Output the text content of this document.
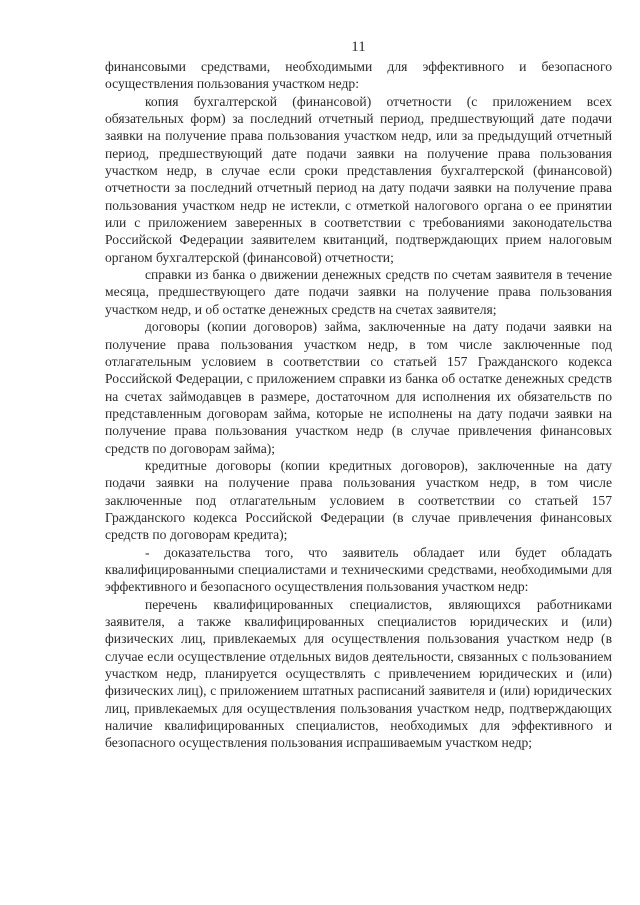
11

финансовыми средствами, необходимыми для эффективного и безопасного осуществления пользования участком недр:

копия бухгалтерской (финансовой) отчетности (с приложением всех обязательных форм) за последний отчетный период, предшествующий дате подачи заявки на получение права пользования участком недр, или за предыдущий отчетный период, предшествующий дате подачи заявки на получение права пользования участком недр, в случае если сроки представления бухгалтерской (финансовой) отчетности за последний отчетный период на дату подачи заявки на получение права пользования участком недр не истекли, с отметкой налогового органа о ее принятии или с приложением заверенных в соответствии с требованиями законодательства Российской Федерации заявителем квитанций, подтверждающих прием налоговым органом бухгалтерской (финансовой) отчетности;

справки из банка о движении денежных средств по счетам заявителя в течение месяца, предшествующего дате подачи заявки на получение права пользования участком недр, и об остатке денежных средств на счетах заявителя;

договоры (копии договоров) займа, заключенные на дату подачи заявки на получение права пользования участком недр, в том числе заключенные под отлагательным условием в соответствии со статьей 157 Гражданского кодекса Российской Федерации, с приложением справки из банка об остатке денежных средств на счетах займодавцев в размере, достаточном для исполнения их обязательств по представленным договорам займа, которые не исполнены на дату подачи заявки на получение права пользования участком недр (в случае привлечения финансовых средств по договорам займа);

кредитные договоры (копии кредитных договоров), заключенные на дату подачи заявки на получение права пользования участком недр, в том числе заключенные под отлагательным условием в соответствии со статьей 157 Гражданского кодекса Российской Федерации (в случае привлечения финансовых средств по договорам кредита);

- доказательства того, что заявитель обладает или будет обладать квалифицированными специалистами и техническими средствами, необходимыми для эффективного и безопасного осуществления пользования участком недр:

перечень квалифицированных специалистов, являющихся работниками заявителя, а также квалифицированных специалистов юридических и (или) физических лиц, привлекаемых для осуществления пользования участком недр (в случае если осуществление отдельных видов деятельности, связанных с пользованием участком недр, планируется осуществлять с привлечением юридических и (или) физических лиц), с приложением штатных расписаний заявителя и (или) юридических лиц, привлекаемых для осуществления пользования участком недр, подтверждающих наличие квалифицированных специалистов, необходимых для эффективного и безопасного осуществления пользования испрашиваемым участком недр;
